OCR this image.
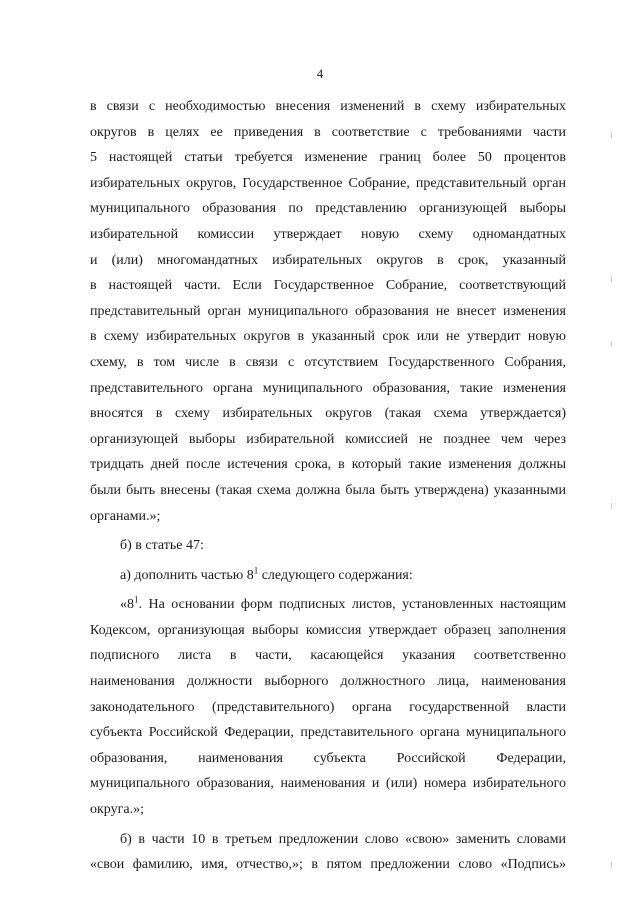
4
в связи с необходимостью внесения изменений в схему избирательных
округов в целях ее приведения в соответствие с требованиями части
5 настоящей статьи требуется изменение границ более 50 процентов
избирательных округов, Государственное Собрание, представительный орган
муниципального образования по представлению организующей выборы
избирательной комиссии утверждает новую схему одномандатных
и (или) многомандатных избирательных округов в срок, указанный
в настоящей части. Если Государственное Собрание, соответствующий
представительный орган муниципального образования не внесет изменения
в схему избирательных округов в указанный срок или не утвердит новую
схему, в том числе в связи с отсутствием Государственного Собрания,
представительного органа муниципального образования, такие изменения
вносятся в схему избирательных округов (такая схема утверждается)
организующей выборы избирательной комиссией не позднее чем через
тридцать дней после истечения срока, в который такие изменения должны
были быть внесены (такая схема должна была быть утверждена) указанными
органами.»;
б) в статье 47:
а) дополнить частью $8^1$ следующего содержания:
«$8^1$. На основании форм подписных листов, установленных настоящим
Кодексом, организующая выборы комиссия утверждает образец заполнения
подписного листа в части, касающейся указания соответственно
наименования должности выборного должностного лица, наименования
законодательного (представительного) органа государственной власти
субъекта Российской Федерации, представительного органа муниципального
образования, наименования субъекта Российской Федерации,
муниципального образования, наименования и (или) номера избирательного
округа.»;
б) в части 10 в третьем предложении слово «свою» заменить словами
«свои фамилию, имя, отчество,»; в пятом предложении слово «Подпись»
